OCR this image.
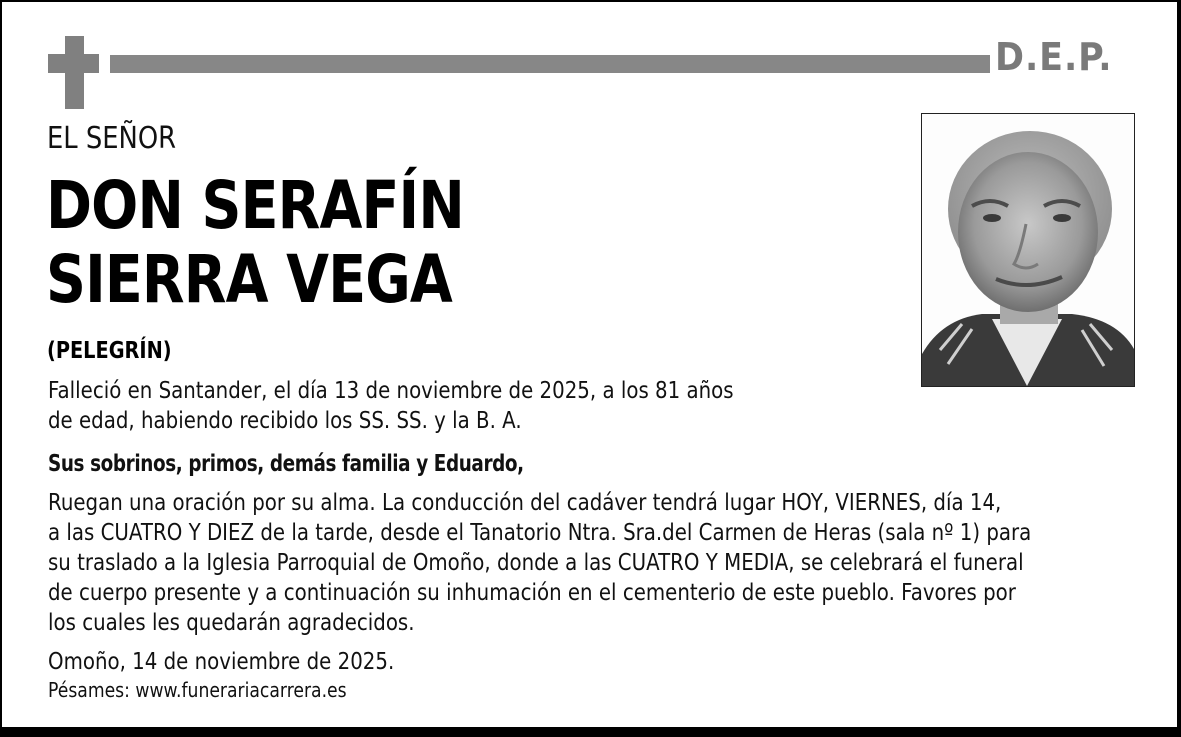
D.E.P.
EL SEÑOR
DON SERAFÍN
SIERRA VEGA
(PELEGRÍN)
Falleció en Santander, el día 13 de noviembre de 2025, a los 81 años
de edad, habiendo recibido los SS. SS. y la B. A.
Sus sobrinos, primos, demás familia y Eduardo,
Ruegan una oración por su alma. La conducción del cadáver tendrá lugar HOY, VIERNES, día 14,
a las CUATRO Y DIEZ de la tarde, desde el Tanatorio Ntra. Sra.del Carmen de Heras (sala nº 1) para
su traslado a la Iglesia Parroquial de Omoño, donde a las CUATRO Y MEDIA, se celebrará el funeral
de cuerpo presente y a continuación su inhumación en el cementerio de este pueblo. Favores por
los cuales les quedarán agradecidos.
Omoño, 14 de noviembre de 2025.
Pésames: www.funerariacarrera.es
